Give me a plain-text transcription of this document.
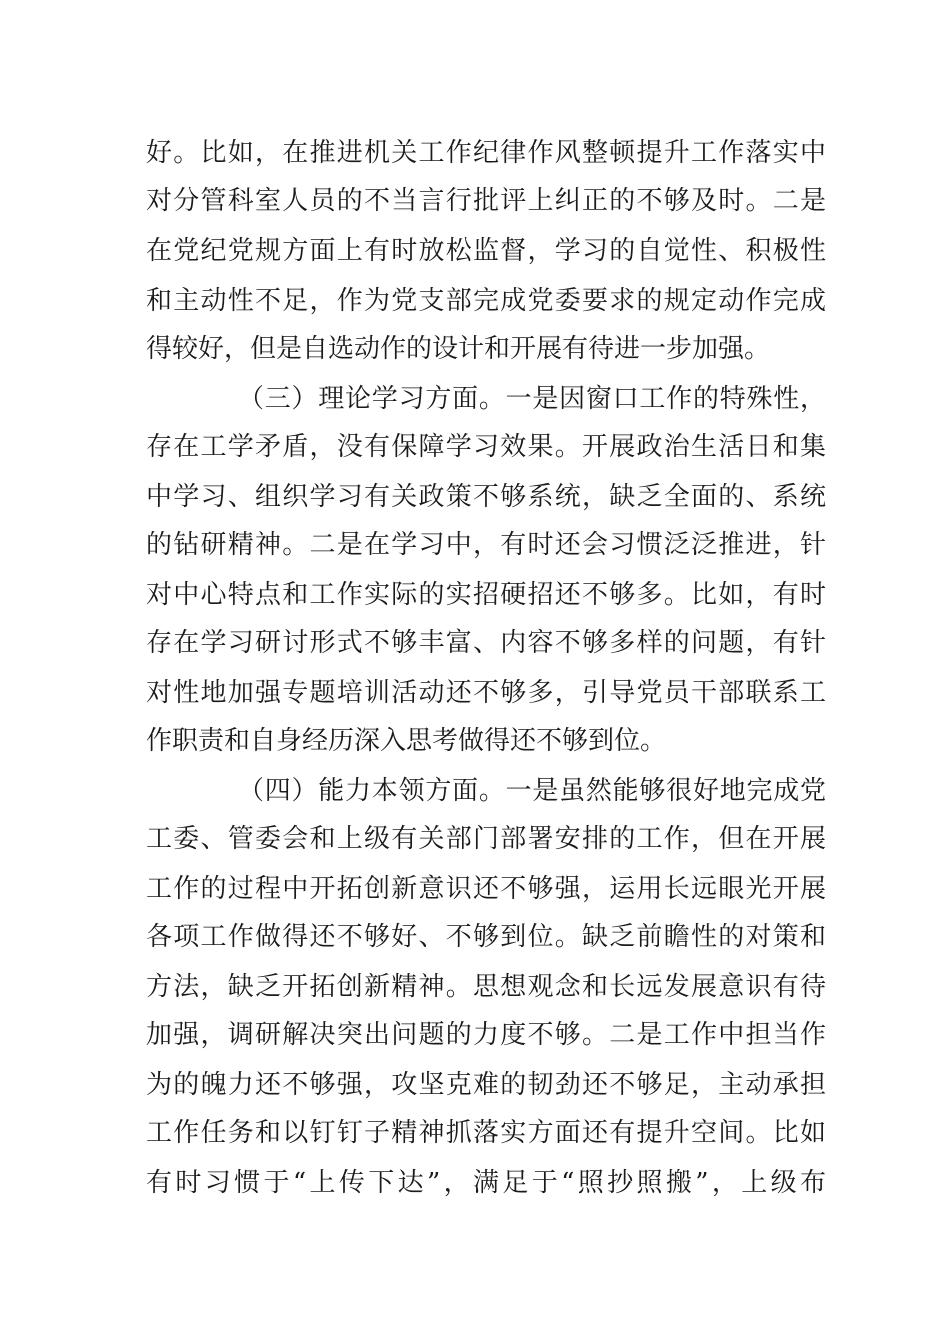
好。比如，在推进机关工作纪律作风整顿提升工作落实中
对分管科室人员的不当言行批评上纠正的不够及时。二是
在党纪党规方面上有时放松监督，学习的自觉性、积极性
和主动性不足，作为党支部完成党委要求的规定动作完成
得较好，但是自选动作的设计和开展有待进一步加强。
（三）理论学习方面。一是因窗口工作的特殊性，
存在工学矛盾，没有保障学习效果。开展政治生活日和集
中学习、组织学习有关政策不够系统，缺乏全面的、系统
的钻研精神。二是在学习中，有时还会习惯泛泛推进，针
对中心特点和工作实际的实招硬招还不够多。比如，有时
存在学习研讨形式不够丰富、内容不够多样的问题，有针
对性地加强专题培训活动还不够多，引导党员干部联系工
作职责和自身经历深入思考做得还不够到位。
（四）能力本领方面。一是虽然能够很好地完成党
工委、管委会和上级有关部门部署安排的工作，但在开展
工作的过程中开拓创新意识还不够强，运用长远眼光开展
各项工作做得还不够好、不够到位。缺乏前瞻性的对策和
方法，缺乏开拓创新精神。思想观念和长远发展意识有待
加强，调研解决突出问题的力度不够。二是工作中担当作
为的魄力还不够强，攻坚克难的韧劲还不够足，主动承担
工作任务和以钉钉子精神抓落实方面还有提升空间。比如
有时习惯于“上传下达”，满足于“照抄照搬”，上级布
